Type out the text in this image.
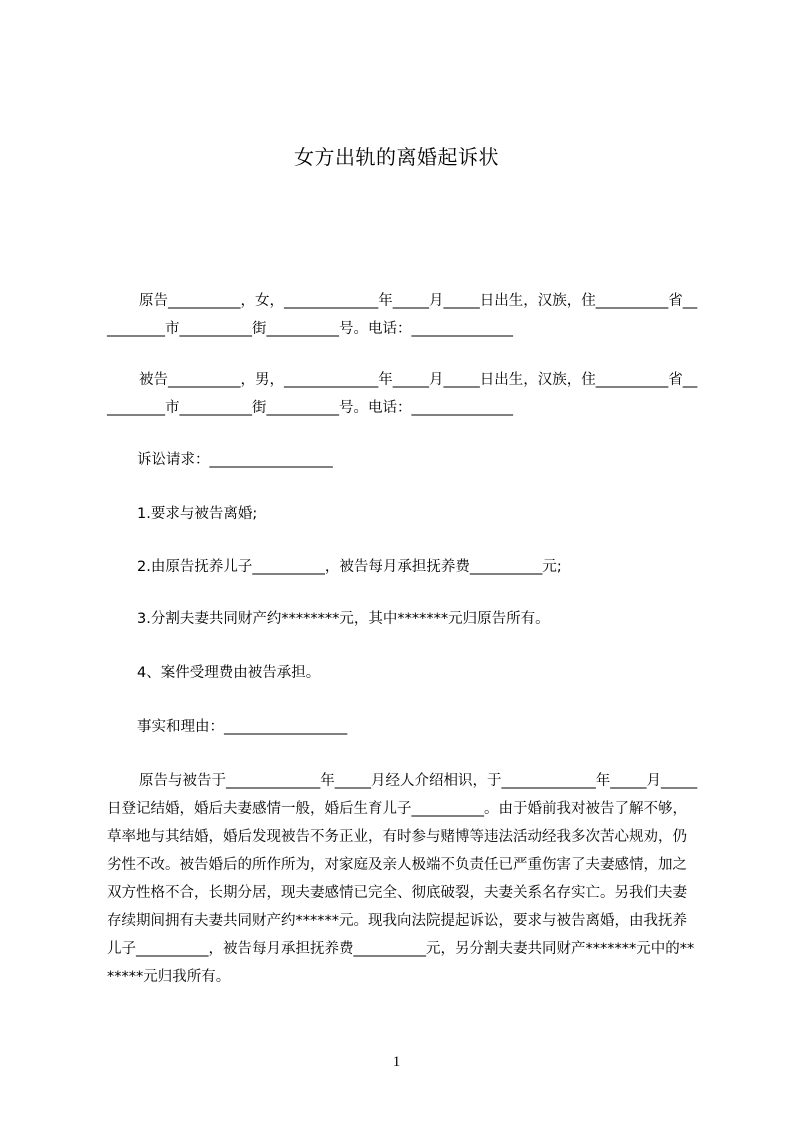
女方出轨的离婚起诉状
原告__________，女，_____________年_____月_____日出生，汉族，住__________省__________市__________街__________号。电话：______________
被告__________，男，_____________年_____月_____日出生，汉族，住__________省__________市__________街__________号。电话：______________
诉讼请求：_________________
1.要求与被告离婚;
2.由原告抚养儿子__________，被告每月承担抚养费__________元;
3.分割夫妻共同财产约********元，其中*******元归原告所有。
4、案件受理费由被告承担。
事实和理由：_________________
原告与被告于_____________年_____月经人介绍相识，于_____________年_____月_____日登记结婚，婚后夫妻感情一般，婚后生育儿子__________。由于婚前我对被告了解不够，草率地与其结婚，婚后发现被告不务正业，有时参与赌博等违法活动经我多次苦心规劝，仍劣性不改。被告婚后的所作所为，对家庭及亲人极端不负责任已严重伤害了夫妻感情，加之双方性格不合，长期分居，现夫妻感情已完全、彻底破裂，夫妻关系名存实亡。另我们夫妻存续期间拥有夫妻共同财产约******元。现我向法院提起诉讼，要求与被告离婚，由我抚养儿子__________，被告每月承担抚养费__________元，另分割夫妻共同财产*******元中的*******元归我所有。
1
